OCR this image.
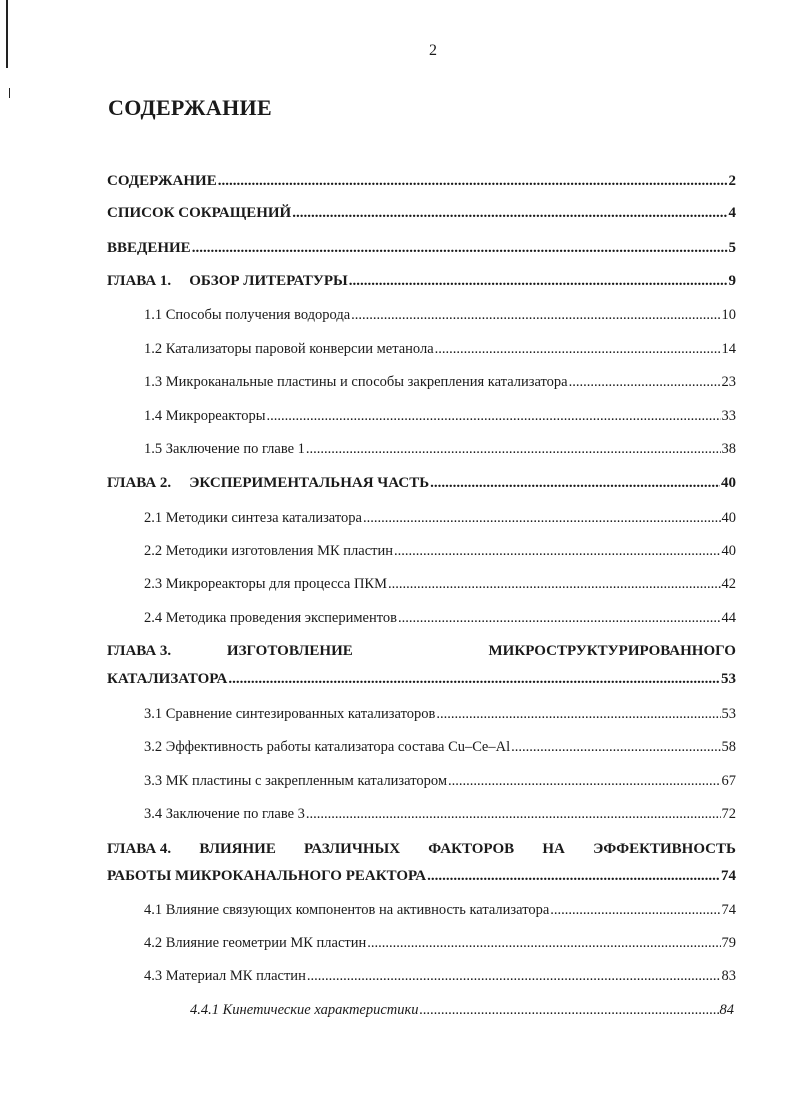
2
СОДЕРЖАНИЕ
СОДЕРЖАНИЕ .....	2
СПИСОК СОКРАЩЕНИЙ .....	4
ВВЕДЕНИЕ .....	5
ГЛАВА 1.	ОБЗОР ЛИТЕРАТУРЫ .....	9
1.1 Способы получения водорода .....	10
1.2 Катализаторы паровой конверсии метанола .....	14
1.3 Микроканальные пластины и способы закрепления катализатора .....	23
1.4 Микрореакторы .....	33
1.5 Заключение по главе 1 .....	38
ГЛАВА 2.	ЭКСПЕРИМЕНТАЛЬНАЯ ЧАСТЬ .....	40
2.1 Методики синтеза катализатора .....	40
2.2 Методики изготовления МК пластин .....	40
2.3 Микрореакторы для процесса ПКМ .....	42
2.4 Методика проведения экспериментов .....	44
ГЛАВА 3.	ИЗГОТОВЛЕНИЕ	МИКРОСТРУКТУРИРОВАННОГО
КАТАЛИЗАТОРА .....	53
3.1 Сравнение синтезированных катализаторов .....	53
3.2 Эффективность работы катализатора состава Cu–Ce–Al .....	58
3.3 МК пластины с закрепленным катализатором .....	67
3.4 Заключение по главе 3 .....	72
ГЛАВА 4. ВЛИЯНИЕ РАЗЛИЧНЫХ ФАКТОРОВ НА ЭФФЕКТИВНОСТЬ
РАБОТЫ МИКРОКАНАЛЬНОГО РЕАКТОРА .....	74
4.1 Влияние связующих компонентов на активность катализатора .....	74
4.2 Влияние геометрии МК пластин .....	79
4.3 Материал МК пластин .....	83
4.4.1 Кинетические характеристики .....	84
